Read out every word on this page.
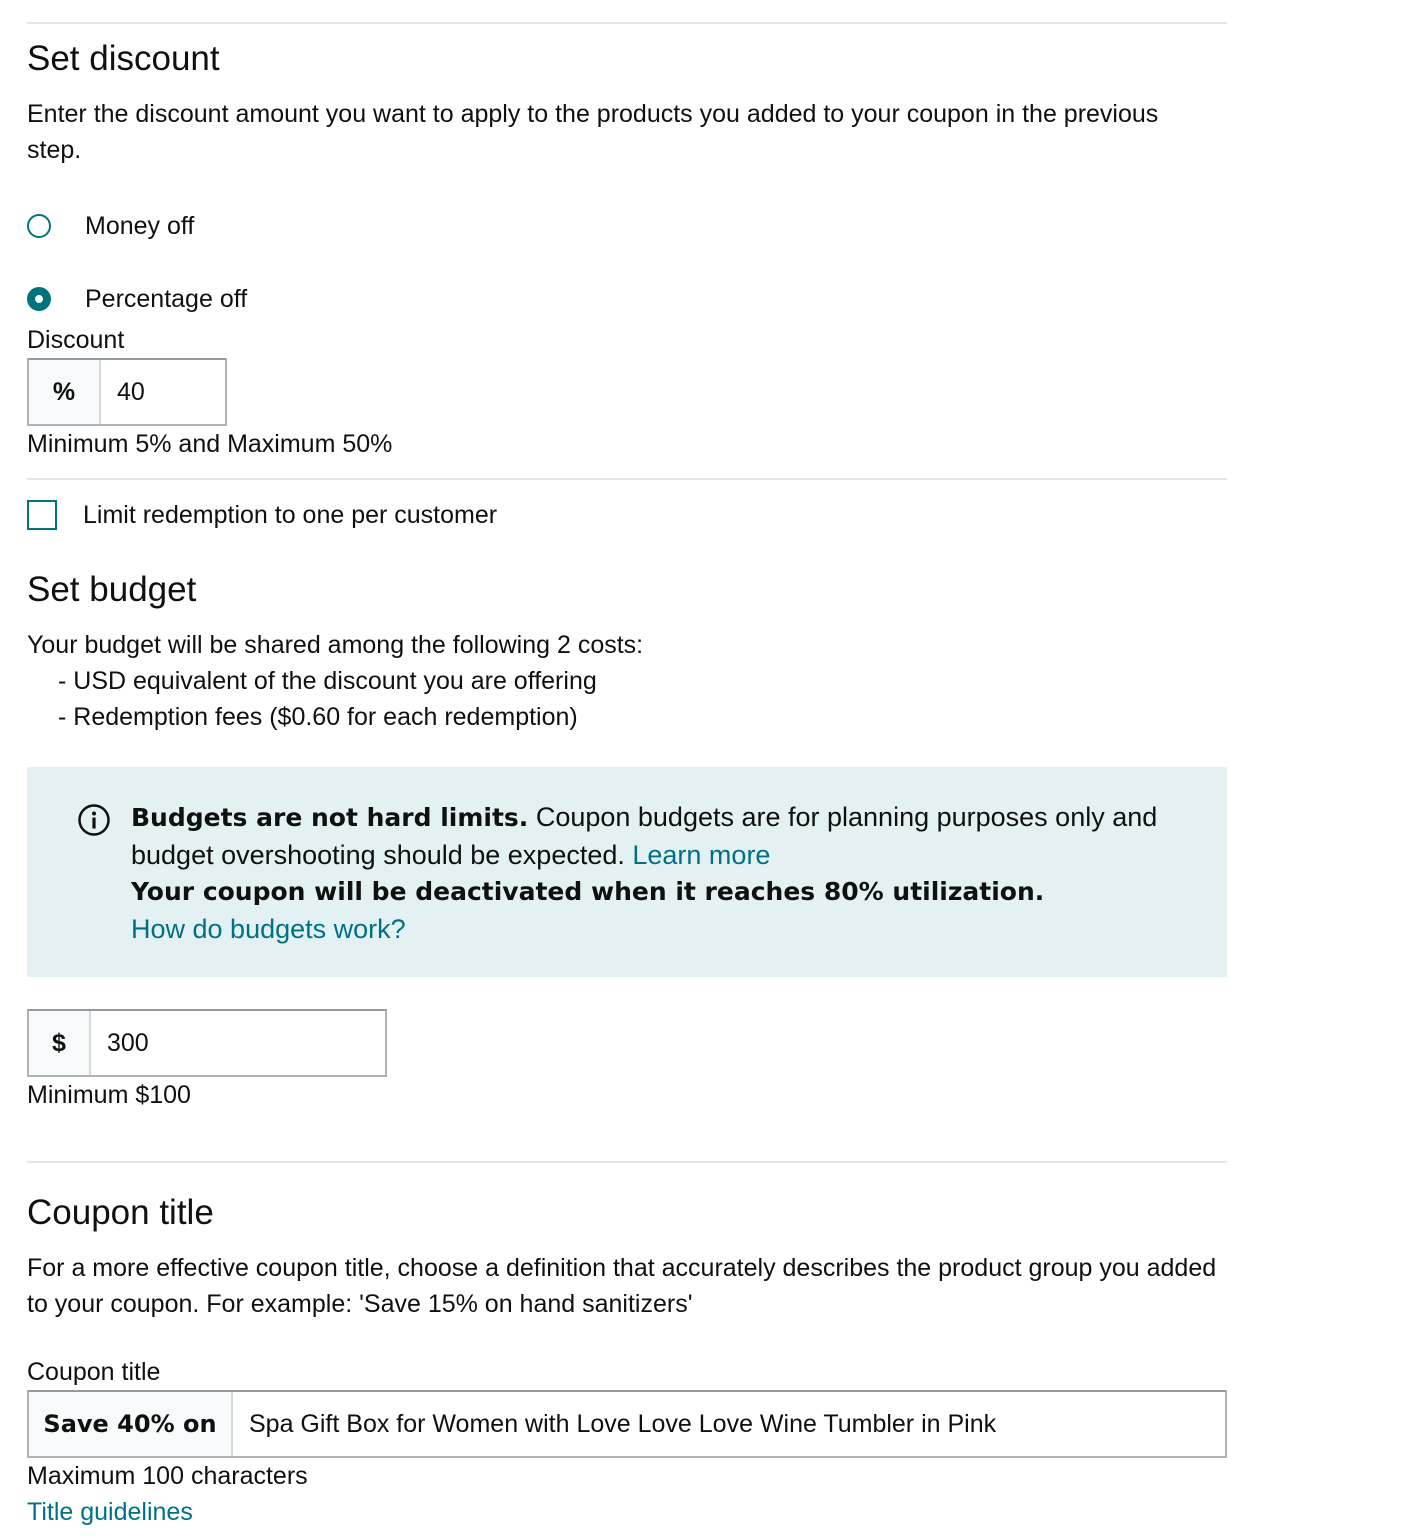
Set discount

Enter the discount amount you want to apply to the products you added to your coupon in the previous step.

Money off
Percentage off
Discount
%
40
Minimum 5% and Maximum 50%
Limit redemption to one per customer
Set budget
Your budget will be shared among the following 2 costs:
- USD equivalent of the discount you are offering
- Redemption fees ($0.60 for each redemption)
Budgets are not hard limits. Coupon budgets are for planning purposes only and budget overshooting should be expected. Learn more
Your coupon will be deactivated when it reaches 80% utilization.
How do budgets work?
$
300
Minimum $100
Coupon title

For a more effective coupon title, choose a definition that accurately describes the product group you added to your coupon. For example: 'Save 15% on hand sanitizers'

Coupon title
Save 40% on
Spa Gift Box for Women with Love Love Love Wine Tumbler in Pink
Maximum 100 characters
Title guidelines
